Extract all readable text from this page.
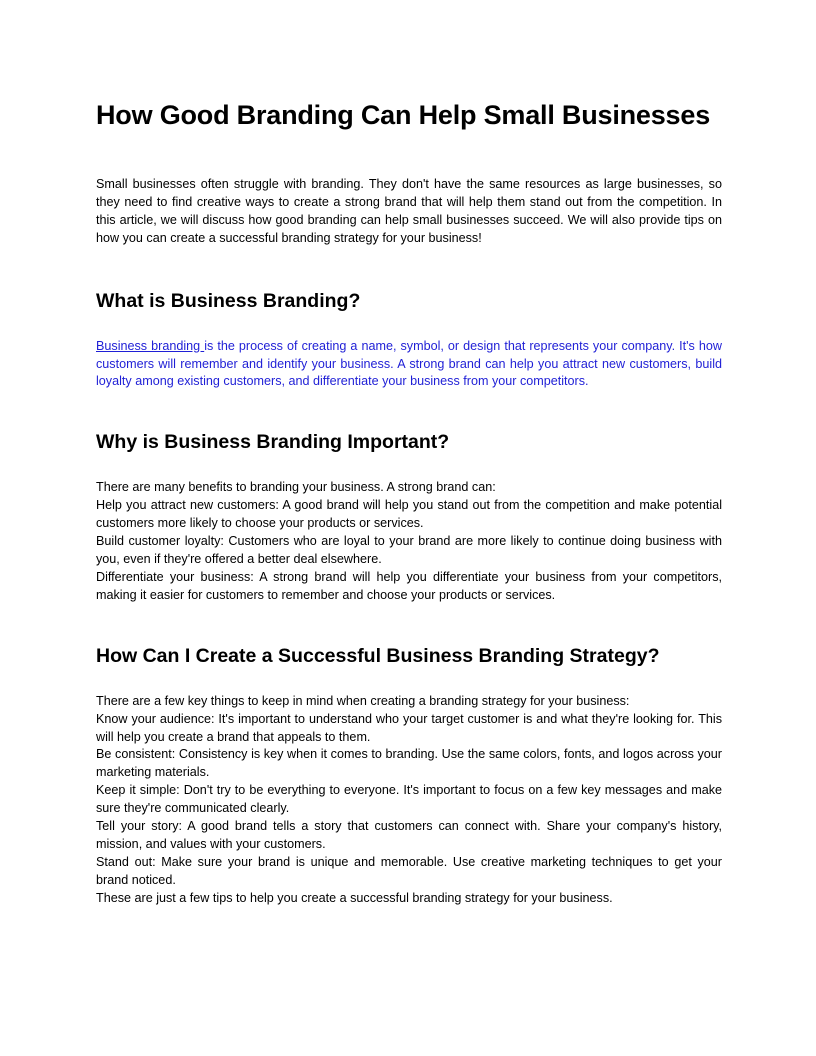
How Good Branding Can Help Small Businesses

Small businesses often struggle with branding. They don't have the same resources as large businesses, so they need to find creative ways to create a strong brand that will help them stand out from the competition. In this article, we will discuss how good branding can help small businesses succeed. We will also provide tips on how you can create a successful branding strategy for your business!

What is Business Branding?

Business branding is the process of creating a name, symbol, or design that represents your company. It's how customers will remember and identify your business. A strong brand can help you attract new customers, build loyalty among existing customers, and differentiate your business from your competitors.

Why is Business Branding Important?

There are many benefits to branding your business. A strong brand can:

Help you attract new customers: A good brand will help you stand out from the competition and make potential customers more likely to choose your products or services.

Build customer loyalty: Customers who are loyal to your brand are more likely to continue doing business with you, even if they're offered a better deal elsewhere.

Differentiate your business: A strong brand will help you differentiate your business from your competitors, making it easier for customers to remember and choose your products or services.

How Can I Create a Successful Business Branding Strategy?

There are a few key things to keep in mind when creating a branding strategy for your business:

Know your audience: It's important to understand who your target customer is and what they're looking for. This will help you create a brand that appeals to them.

Be consistent: Consistency is key when it comes to branding. Use the same colors, fonts, and logos across your marketing materials.

Keep it simple: Don't try to be everything to everyone. It's important to focus on a few key messages and make sure they're communicated clearly.

Tell your story: A good brand tells a story that customers can connect with. Share your company's history, mission, and values with your customers.

Stand out: Make sure your brand is unique and memorable. Use creative marketing techniques to get your brand noticed.

These are just a few tips to help you create a successful branding strategy for your business.
